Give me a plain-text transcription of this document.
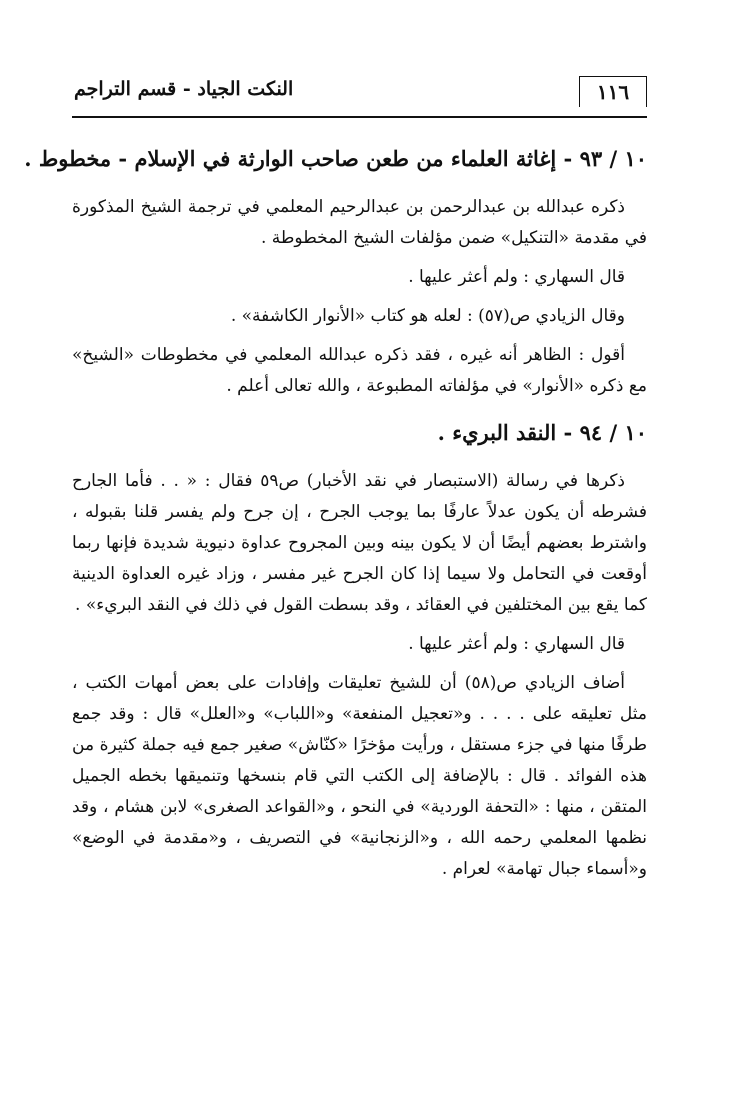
١١٦
النكت الجياد - قسم التراجم
١٠ / ٩٣ - إغاثة العلماء من طعن صاحب الوارثة في الإسلام - مخطوط .

ذكره عبدالله بن عبدالرحمن بن عبدالرحيم المعلمي في ترجمة الشيخ المذكورة في مقدمة «التنكيل» ضمن مؤلفات الشيخ المخطوطة .

قال السهاري : ولم أعثر عليها .

وقال الزيادي ص(٥٧) : لعله هو كتاب «الأنوار الكاشفة» .

أقول : الظاهر أنه غيره ، فقد ذكره عبدالله المعلمي في مخطوطات «الشيخ» مع ذكره «الأنوار» في مؤلفاته المطبوعة ، والله تعالى أعلم .

١٠ / ٩٤ - النقد البريء .

ذكرها في رسالة (الاستبصار في نقد الأخبار) ص٥٩ فقال : « . . فأما الجارح فشرطه أن يكون عدلاً عارفًا بما يوجب الجرح ، إن جرح ولم يفسر قلنا بقبوله ، واشترط بعضهم أيضًا أن لا يكون بينه وبين المجروح عداوة دنيوية شديدة فإنها ربما أوقعت في التحامل ولا سيما إذا كان الجرح غير مفسر ، وزاد غيره العداوة الدينية كما يقع بين المختلفين في العقائد ، وقد بسطت القول في ذلك في النقد البريء» .

قال السهاري : ولم أعثر عليها .

أضاف الزيادي ص(٥٨) أن للشيخ تعليقات وإفادات على بعض أمهات الكتب ، مثل تعليقه على . . . . و«تعجيل المنفعة» و«اللباب» و«العلل» قال : وقد جمع طرفًا منها في جزء مستقل ، ورأيت مؤخرًا «كنّاش» صغير جمع فيه جملة كثيرة من هذه الفوائد . قال : بالإضافة إلى الكتب التي قام بنسخها وتنميقها بخطه الجميل المتقن ، منها : «التحفة الوردية» في النحو ، و«القواعد الصغرى» لابن هشام ، وقد نظمها المعلمي رحمه الله ، و«الزنجانية» في التصريف ، و«مقدمة في الوضع» و«أسماء جبال تهامة» لعرام .
